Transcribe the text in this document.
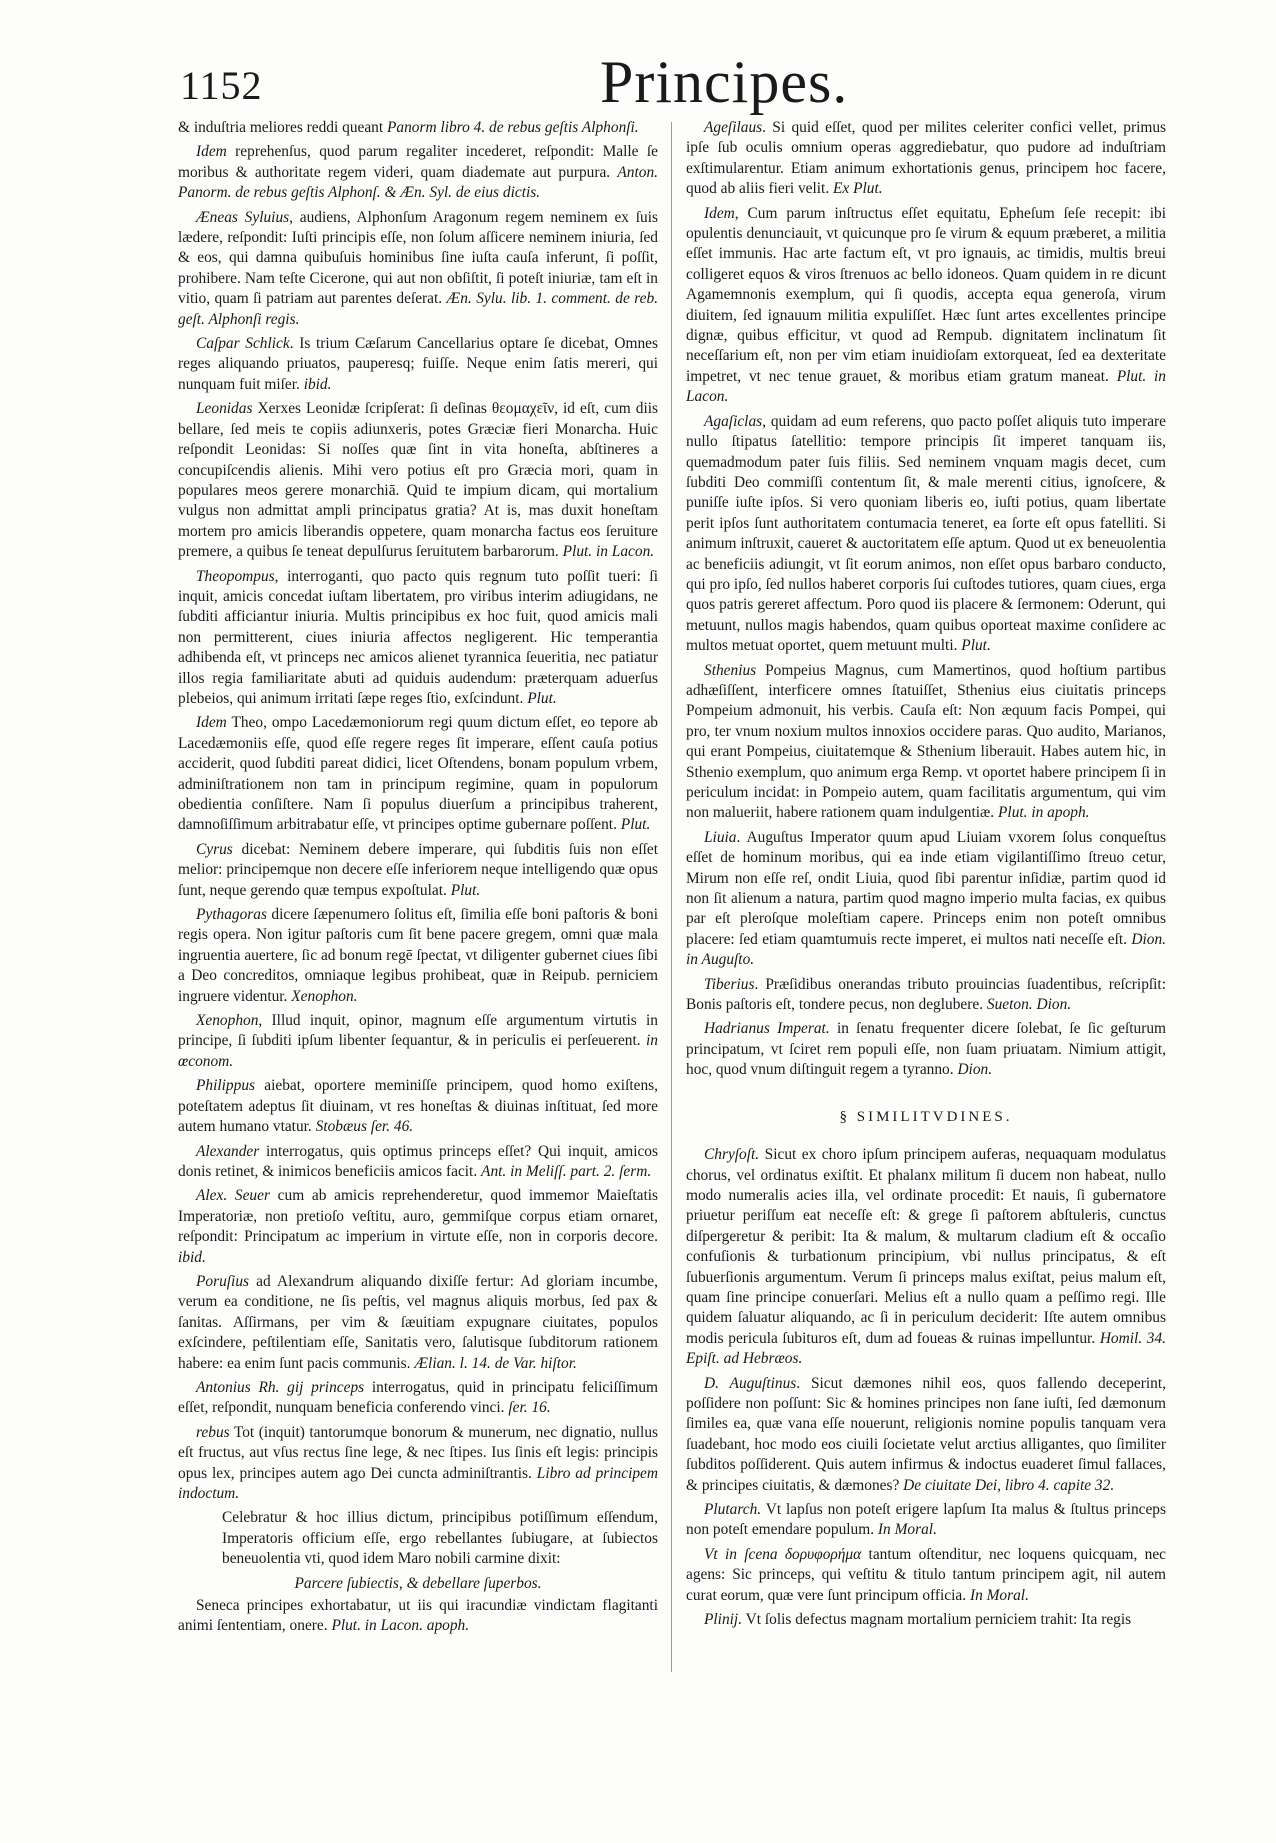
1152	Principes.

& induſtria meliores reddi queant Panorm libro 4. de rebus geſtis Alphonſi.

Idem reprehenſus, quod parum regaliter incederet, reſpondit: Malle ſe moribus & authoritate regem videri, quam diademate aut purpura. Anton. Panorm. de rebus geſtis Alphonſ. & Æn. Syl. de eius dictis.

Æneas Syluius, audiens, Alphonſum Aragonum regem neminem ex ſuis lædere, reſpondit: Iuſti principis eſſe, non ſolum aſſicere neminem iniuria, ſed & eos, qui damna quibuſuis hominibus ſine iuſta cauſa inferunt, ſi poſſit, prohibere. Nam teſte Cicerone, qui aut non obſiſtit, ſi poteſt iniuriæ, tam eſt in vitio, quam ſi patriam aut parentes deſerat. Æn. Sylu. lib. 1. comment. de reb. geſt. Alphonſi regis.

Caſpar Schlick. Is trium Cæſarum Cancellarius optare ſe dicebat, Omnes reges aliquando priuatos, pauperesq; fuiſſe. Neque enim ſatis mereri, qui nunquam fuit miſer. ibid.

Leonidas Xerxes Leonidæ ſcripſerat: ſi deſinas θεομαχεῖν, id eſt, cum diis bellare, ſed meis te copiis adiunxeris, potes Græciæ fieri Monarcha. Huic reſpondit Leonidas: Si noſſes quæ ſint in vita honeſta, abſtineres a concupiſcendis alienis. Mihi vero potius eſt pro Græcia mori, quam in populares meos gerere monarchiā. Quid te impium dicam, qui mortalium vulgus non admittat ampli principatus gratia? At is, mas duxit honeſtam mortem pro amicis liberandis oppetere, quam monarcha factus eos ſeruiture premere, a quibus ſe teneat depulſurus ſeruitutem barbarorum. Plut. in Lacon.

Theopompus, interroganti, quo pacto quis regnum tuto poſſit tueri: ſi inquit, amicis concedat iuſtam libertatem, pro viribus interim adiugidans, ne ſubditi afficiantur iniuria. Multis principibus ex hoc fuit, quod amicis mali non permitterent, ciues iniuria affectos negligerent. Hic temperantia adhibenda eſt, vt princeps nec amicos alienet tyrannica ſeueritia, nec patiatur illos regia familiaritate abuti ad quiduis audendum: præterquam aduerſus plebeios, qui animum irritati ſæpe reges ſtio, exſcindunt. Plut.

Idem Theo, ompo Lacedæmoniorum regi quum dictum eſſet, eo tepore ab Lacedæmoniis eſſe, quod eſſe regere reges ſit imperare, eſſent cauſa potius acciderit, quod ſubditi pareat didici, licet Oſtendens, bonam populum vrbem, adminiſtrationem non tam in principum regimine, quam in populorum obedientia conſiſtere. Nam ſi populus diuerſum a principibus traherent, damnoſiſſimum arbitrabatur eſſe, vt principes optime gubernare poſſent. Plut.

Cyrus dicebat: Neminem debere imperare, qui ſubditis ſuis non eſſet melior: principemque non decere eſſe inferiorem neque intelligendo quæ opus ſunt, neque gerendo quæ tempus expoſtulat. Plut.

Pythagoras dicere ſæpenumero ſolitus eſt, ſimilia eſſe boni paſtoris & boni regis opera. Non igitur paſtoris cum ſit bene pacere gregem, omni quæ mala ingruentia auertere, ſic ad bonum regē ſpectat, vt diligenter gubernet ciues ſibi a Deo concreditos, omniaque legibus prohibeat, quæ in Reipub. perniciem ingruere videntur. Xenophon.

Xenophon, Illud inquit, opinor, magnum eſſe argumentum virtutis in principe, ſi ſubditi ipſum libenter ſequantur, & in periculis ei perſeuerent. in œconom.

Philippus aiebat, oportere meminiſſe principem, quod homo exiſtens, poteſtatem adeptus ſit diuinam, vt res honeſtas & diuinas inſtituat, ſed more autem humano vtatur. Stobæus ſer. 46.

Alexander interrogatus, quis optimus princeps eſſet? Qui inquit, amicos donis retinet, & inimicos beneficiis amicos facit. Ant. in Meliſſ. part. 2. ſerm.

Alex. Seuer cum ab amicis reprehenderetur, quod immemor Maieſtatis Imperatoriæ, non pretioſo veſtitu, auro, gemmiſque corpus etiam ornaret, reſpondit: Principatum ac imperium in virtute eſſe, non in corporis decore. ibid.

Poruſius ad Alexandrum aliquando dixiſſe fertur: Ad gloriam incumbe, verum ea conditione, ne ſis peſtis, vel magnus aliquis morbus, ſed pax & ſanitas. Aſſirmans, per vim & ſæuitiam expugnare ciuitates, populos exſcindere, peſtilentiam eſſe, Sanitatis vero, ſalutisque ſubditorum rationem habere: ea enim ſunt pacis communis. Ælian. l. 14. de Var. hiſtor.

Antonius Rh. gij princeps interrogatus, quid in principatu feliciſſimum eſſet, reſpondit, nunquam beneficia conferendo vinci. ſer. 16.

rebus Tot (inquit) tantorumque bonorum & munerum, nec dignatio, nullus eſt fructus, aut vſus rectus ſine lege, & nec ſtipes. Ius ſinis eſt legis: principis opus lex, principes autem ago Dei cuncta adminiſtrantis. Libro ad principem indoctum.

Celebratur & hoc illius dictum, principibus potiſſimum eſſendum, Imperatoris officium eſſe, ergo rebellantes ſubiugare, at ſubiectos beneuolentia vti, quod idem Maro nobili carmine dixit:

Parcere ſubiectis, & debellare ſuperbos.

Seneca principes exhortabatur, ut iis qui iracundiæ vindictam flagitanti animi ſententiam, onere. Plut. in Lacon. apoph.

Ageſilaus. Si quid eſſet, quod per milites celeriter confici vellet, primus ipſe ſub oculis omnium operas aggrediebatur, quo pudore ad induſtriam exſtimularentur. Etiam animum exhortationis genus, principem hoc facere, quod ab aliis fieri velit. Ex Plut.

Idem, Cum parum inſtructus eſſet equitatu, Epheſum ſeſe recepit: ibi opulentis denunciauit, vt quicunque pro ſe virum & equum præberet, a militia eſſet immunis. Hac arte factum eſt, vt pro ignauis, ac timidis, multis breui colligeret equos & viros ſtrenuos ac bello idoneos. Quam quidem in re dicunt Agamemnonis exemplum, qui ſi quodis, accepta equa generoſa, virum diuitem, ſed ignauum militia expuliſſet. Hæc ſunt artes excellentes principe dignæ, quibus efficitur, vt quod ad Rempub. dignitatem inclinatum ſit neceſſarium eſt, non per vim etiam inuidioſam extorqueat, ſed ea dexteritate impetret, vt nec tenue grauet, & moribus etiam gratum maneat. Plut. in Lacon.

Agaſiclas, quidam ad eum referens, quo pacto poſſet aliquis tuto imperare nullo ſtipatus ſatellitio: tempore principis ſit imperet tanquam iis, quemadmodum pater ſuis filiis. Sed neminem vnquam magis decet, cum ſubditi Deo commiſſi contentum ſit, & male merenti citius, ignoſcere, & puniſſe iuſte ipſos. Si vero quoniam liberis eo, iuſti potius, quam libertate perit ipſos ſunt authoritatem contumacia teneret, ea ſorte eſt opus fatelliti. Si animum inſtruxit, caueret & auctoritatem eſſe aptum. Quod ut ex beneuolentia ac beneficiis adiungit, vt ſit eorum animos, non eſſet opus barbaro conducto, qui pro ipſo, ſed nullos haberet corporis ſui cuſtodes tutiores, quam ciues, erga quos patris gereret affectum. Poro quod iis placere & ſermonem: Oderunt, qui metuunt, nullos magis habendos, quam quibus oporteat maxime conſidere ac multos metuat oportet, quem metuunt multi. Plut.

Sthenius Pompeius Magnus, cum Mamertinos, quod hoſtium partibus adhæſiſſent, interficere omnes ſtatuiſſet, Sthenius eius ciuitatis princeps Pompeium admonuit, his verbis. Cauſa eſt: Non æquum facis Pompei, qui pro, ter vnum noxium multos innoxios occidere paras. Quo audito, Marianos, qui erant Pompeius, ciuitatemque & Sthenium liberauit. Habes autem hic, in Sthenio exemplum, quo animum erga Remp. vt oportet habere principem ſi in periculum incidat: in Pompeio autem, quam facilitatis argumentum, qui vim non malueriit, habere rationem quam indulgentiæ. Plut. in apoph.

Liuia. Auguſtus Imperator quum apud Liuiam vxorem ſolus conqueſtus eſſet de hominum moribus, qui ea inde etiam vigilantiſſimo ſtreuo cetur, Mirum non eſſe reſ, ondit Liuia, quod ſibi parentur inſidiæ, partim quod id non ſit alienum a natura, partim quod magno imperio multa facias, ex quibus par eſt pleroſque moleſtiam capere. Princeps enim non poteſt omnibus placere: ſed etiam quamtumuis recte imperet, ei multos nati neceſſe eſt. Dion. in Auguſto.

Tiberius. Præſidibus onerandas tributo prouincias ſuadentibus, reſcripſit: Bonis paſtoris eſt, tondere pecus, non deglubere. Sueton. Dion.

Hadrianus Imperat. in ſenatu frequenter dicere ſolebat, ſe ſic geſturum principatum, vt ſciret rem populi eſſe, non ſuam priuatam. Nimium attigit, hoc, quod vnum diſtinguit regem a tyranno. Dion.

§ SIMILITVDINES.

Chryſoſt. Sicut ex choro ipſum principem auferas, nequaquam modulatus chorus, vel ordinatus exiſtit. Et phalanx militum ſi ducem non habeat, nullo modo numeralis acies illa, vel ordinate procedit: Et nauis, ſi gubernatore priuetur periſſum eat neceſſe eſt: & grege ſi paſtorem abſtuleris, cunctus diſpergeretur & peribit: Ita & malum, & multarum cladium eſt & occaſio confuſionis & turbationum principium, vbi nullus principatus, & eſt ſubuerſionis argumentum. Verum ſi princeps malus exiſtat, peius malum eſt, quam ſine principe conuerſari. Melius eſt a nullo quam a peſſimo regi. Ille quidem ſaluatur aliquando, ac ſi in periculum deciderit: Iſte autem omnibus modis pericula ſubituros eſt, dum ad foueas & ruinas impelluntur. Homil. 34. Epiſt. ad Hebræos.

D. Auguſtinus. Sicut dæmones nihil eos, quos fallendo deceperint, poſſidere non poſſunt: Sic & homines principes non ſane iuſti, ſed dæmonum ſimiles ea, quæ vana eſſe nouerunt, religionis nomine populis tanquam vera ſuadebant, hoc modo eos ciuili ſocietate velut arctius alligantes, quo ſimiliter ſubditos poſſiderent. Quis autem infirmus & indoctus euaderet ſimul fallaces, & principes ciuitatis, & dæmones? De ciuitate Dei, libro 4. capite 32.

Plutarch. Vt lapſus non poteſt erigere lapſum Ita malus & ſtultus princeps non poteſt emendare populum. In Moral.

Vt in ſcena δορυφορήμα tantum oſtenditur, nec loquens quicquam, nec agens: Sic princeps, qui veſtitu & titulo tantum principem agit, nil autem curat eorum, quæ vere ſunt principum officia. In Moral.

Plinij. Vt ſolis defectus magnam mortalium perniciem trahit: Ita regis
